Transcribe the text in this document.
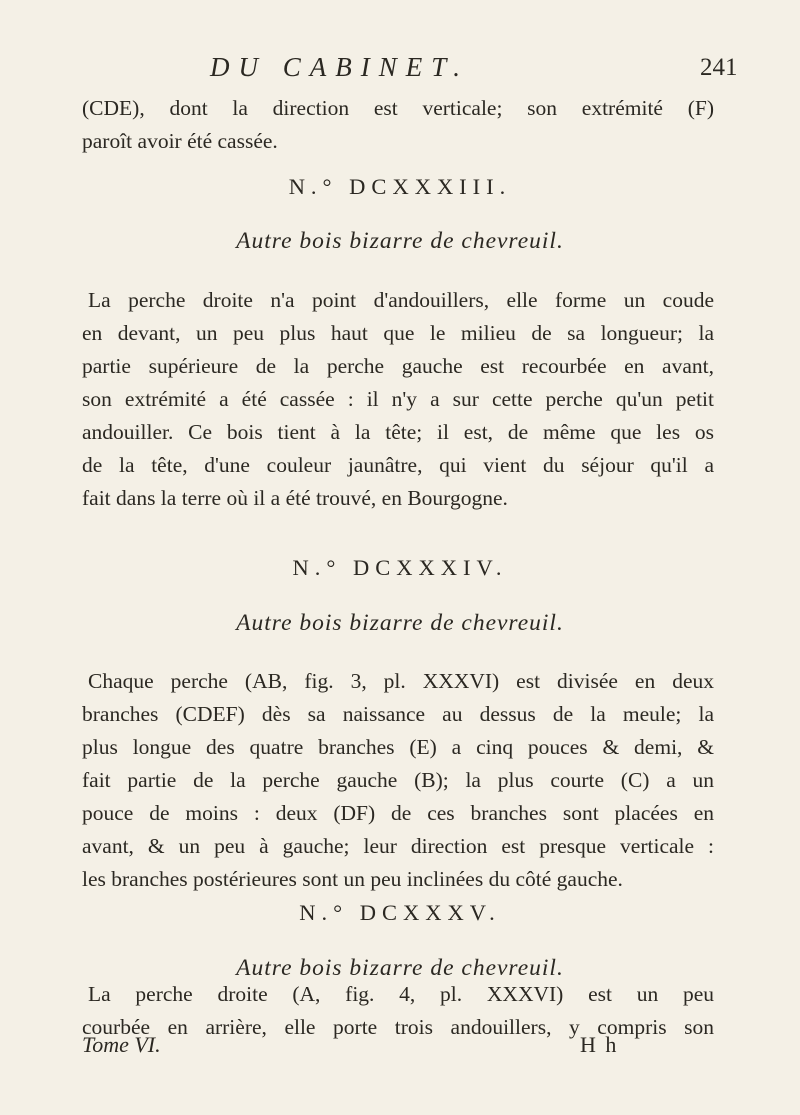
DU CABINET.	241
(CDE), dont la direction est verticale; son extrémité (F)
paroît avoir été cassée.
N.° DCXXXIII.
Autre bois bizarre de chevreuil.
La perche droite n'a point d'andouillers, elle forme un coude
en devant, un peu plus haut que le milieu de sa longueur; la
partie supérieure de la perche gauche est recourbée en avant,
son extrémité a été cassée : il n'y a sur cette perche qu'un petit
andouiller. Ce bois tient à la tête; il est, de même que les os
de la tête, d'une couleur jaunâtre, qui vient du séjour qu'il a
fait dans la terre où il a été trouvé, en Bourgogne.
N.° DCXXXIV.
Autre bois bizarre de chevreuil.
Chaque perche (AB, fig. 3, pl. XXXVI) est divisée en deux
branches (CDEF) dès sa naissance au dessus de la meule; la
plus longue des quatre branches (E) a cinq pouces & demi, &
fait partie de la perche gauche (B); la plus courte (C) a un
pouce de moins : deux (DF) de ces branches sont placées en
avant, & un peu à gauche; leur direction est presque verticale :
les branches postérieures sont un peu inclinées du côté gauche.
N.° DCXXXV.
Autre bois bizarre de chevreuil.
La perche droite (A, fig. 4, pl. XXXVI) est un peu
courbée en arrière, elle porte trois andouillers, y compris son
Tome VI.	H h
